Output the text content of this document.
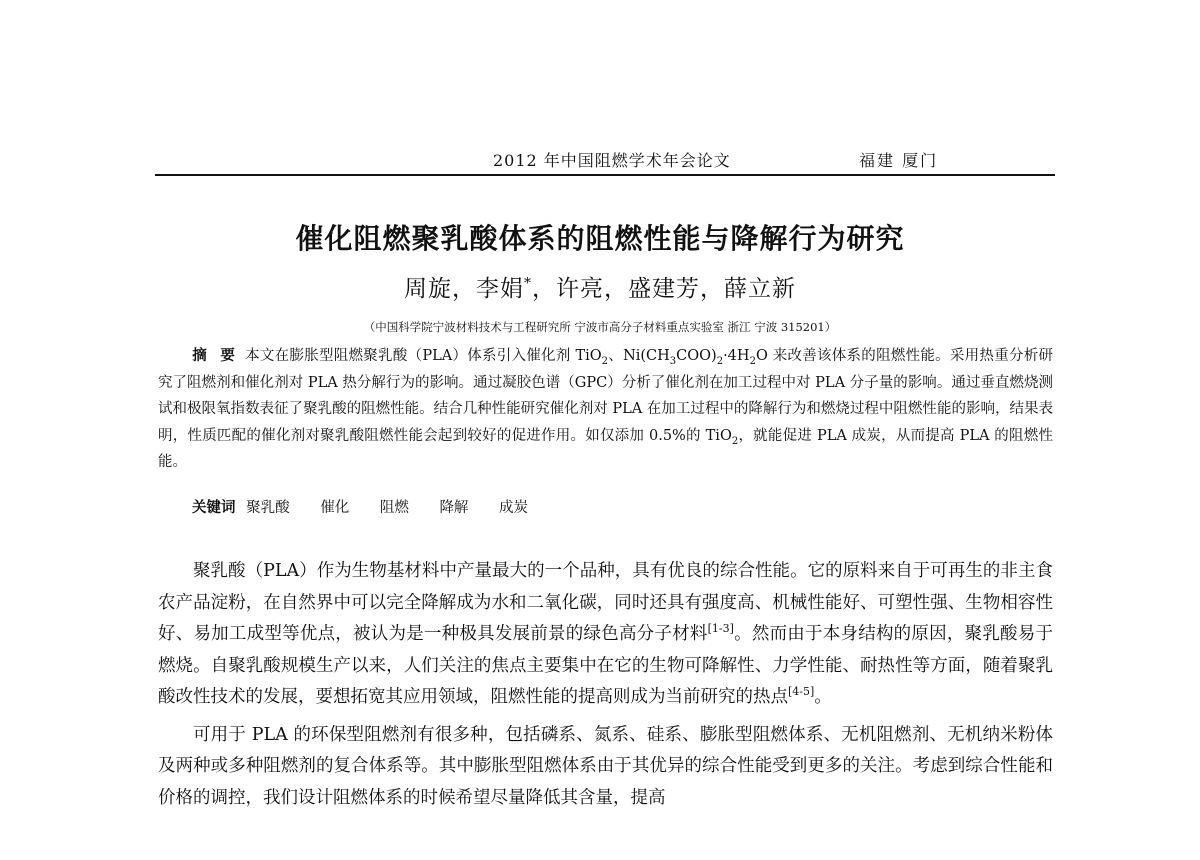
2012 年中国阻燃学术年会论文	福建 厦门
催化阻燃聚乳酸体系的阻燃性能与降解行为研究
周旋，李娟*，许亮，盛建芳，薛立新
（中国科学院宁波材料技术与工程研究所 宁波市高分子材料重点实验室 浙江 宁波 315201）
摘 要 本文在膨胀型阻燃聚乳酸（PLA）体系引入催化剂 TiO$_2$、$Ni(CH_3COO)_2\cdot 4H_2O$ 来改善该体系的阻燃性能。采用热重分析研究了阻燃剂和催化剂对 PLA 热分解行为的影响。通过凝胶色谱（GPC）分析了催化剂在加工过程中对 PLA 分子量的影响。通过垂直燃烧测试和极限氧指数表征了聚乳酸的阻燃性能。结合几种性能研究催化剂对 PLA 在加工过程中的降解行为和燃烧过程中阻燃性能的影响，结果表明，性质匹配的催化剂对聚乳酸阻燃性能会起到较好的促进作用。如仅添加 0.5%的 TiO$_2$，就能促进 PLA 成炭，从而提高 PLA 的阻燃性能。
关键词 聚乳酸 催化 阻燃 降解 成炭

聚乳酸（PLA）作为生物基材料中产量最大的一个品种，具有优良的综合性能。它的原料来自于可再生的非主食农产品淀粉，在自然界中可以完全降解成为水和二氧化碳，同时还具有强度高、机械性能好、可塑性强、生物相容性好、易加工成型等优点，被认为是一种极具发展前景的绿色高分子材料[1-3]。然而由于本身结构的原因，聚乳酸易于燃烧。自聚乳酸规模生产以来，人们关注的焦点主要集中在它的生物可降解性、力学性能、耐热性等方面，随着聚乳酸改性技术的发展，要想拓宽其应用领域，阻燃性能的提高则成为当前研究的热点[4-5]。

可用于 PLA 的环保型阻燃剂有很多种，包括磷系、氮系、硅系、膨胀型阻燃体系、无机阻燃剂、无机纳米粉体及两种或多种阻燃剂的复合体系等。其中膨胀型阻燃体系由于其优异的综合性能受到更多的关注。考虑到综合性能和价格的调控，我们设计阻燃体系的时候希望尽量降低其含量，提高
